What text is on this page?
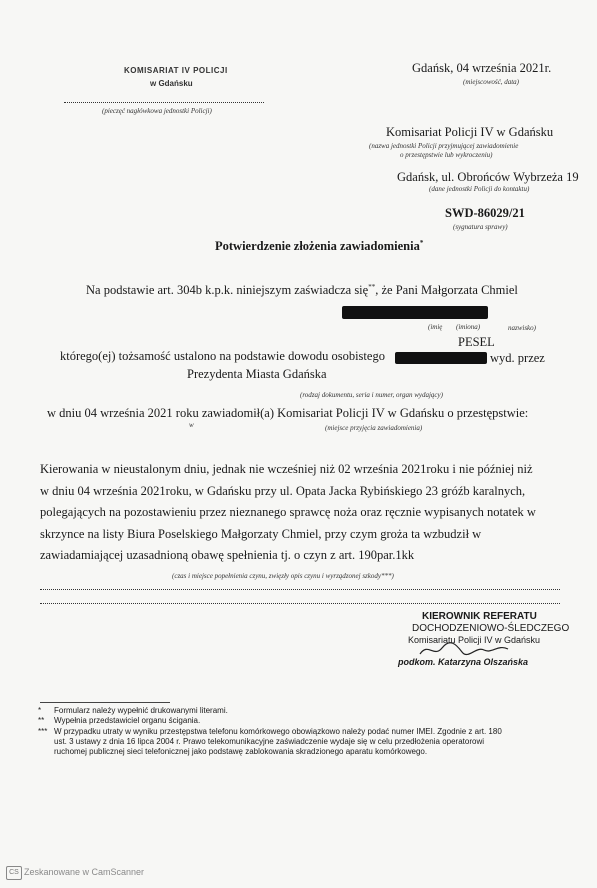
KOMISARIAT IV POLICJI
w Gdańsku
(pieczęć nagłówkowa jednostki Policji)
Gdańsk, 04 września 2021r.
(miejscowość, data)
Komisariat Policji IV w Gdańsku
(nazwa jednostki Policji przyjmującej zawiadomienie
o przestępstwie lub wykroczeniu)
Gdańsk, ul. Obrońców Wybrzeża 19
(dane jednostki Policji do kontaktu)
SWD-86029/21
(sygnatura sprawy)
Potwierdzenie złożenia zawiadomienia*
Na podstawie art. 304b k.p.k. niniejszym zaświadcza się**, że Pani Małgorzata Chmiel
(imię (imiona)	nazwisko)
PESEL
którego(ej) tożsamość ustalono na podstawie dowodu osobistego	wyd. przez
Prezydenta Miasta Gdańska
(rodzaj dokumentu, seria i numer, organ wydający)
w dniu 04 września 2021 roku zawiadomił(a) Komisariat Policji IV w Gdańsku o przestępstwie:
(miejsce przyjęcia zawiadomienia)
w
Kierowania w nieustalonym dniu, jednak nie wcześniej niż 02 września 2021roku i nie później niż
w dniu 04 września 2021roku, w Gdańsku przy ul. Opata Jacka Rybińskiego 23 gróźb karalnych,
polegających na pozostawieniu przez nieznanego sprawcę noża oraz ręcznie wypisanych notatek w
skrzynce na listy Biura Poselskiego Małgorzaty Chmiel, przy czym groża ta wzbudził w
zawiadamiającej uzasadnioną obawę spełnienia tj. o czyn z art. 190par.1kk
(czas i miejsce popełnienia czynu, zwięzły opis czynu i wyrządzonej szkody***)
KIEROWNIK REFERATU
DOCHODZENIOWO-ŚLEDCZEGO
Komisariatu Policji IV w Gdańsku
podkom. Katarzyna Olszańska
* Formularz należy wypełnić drukowanymi literami.
** Wypełnia przedstawiciel organu ścigania.
*** W przypadku utraty w wyniku przestępstwa telefonu komórkowego obowiązkowo należy podać numer IMEI. Zgodnie z art. 180
ust. 3 ustawy z dnia 16 lipca 2004 r. Prawo telekomunikacyjne zaświadczenie wydaje się w celu przedłożenia operatorowi
ruchomej publicznej sieci telefonicznej jako podstawę zablokowania skradzionego aparatu komórkowego.
CS Zeskanowane w CamScanner
